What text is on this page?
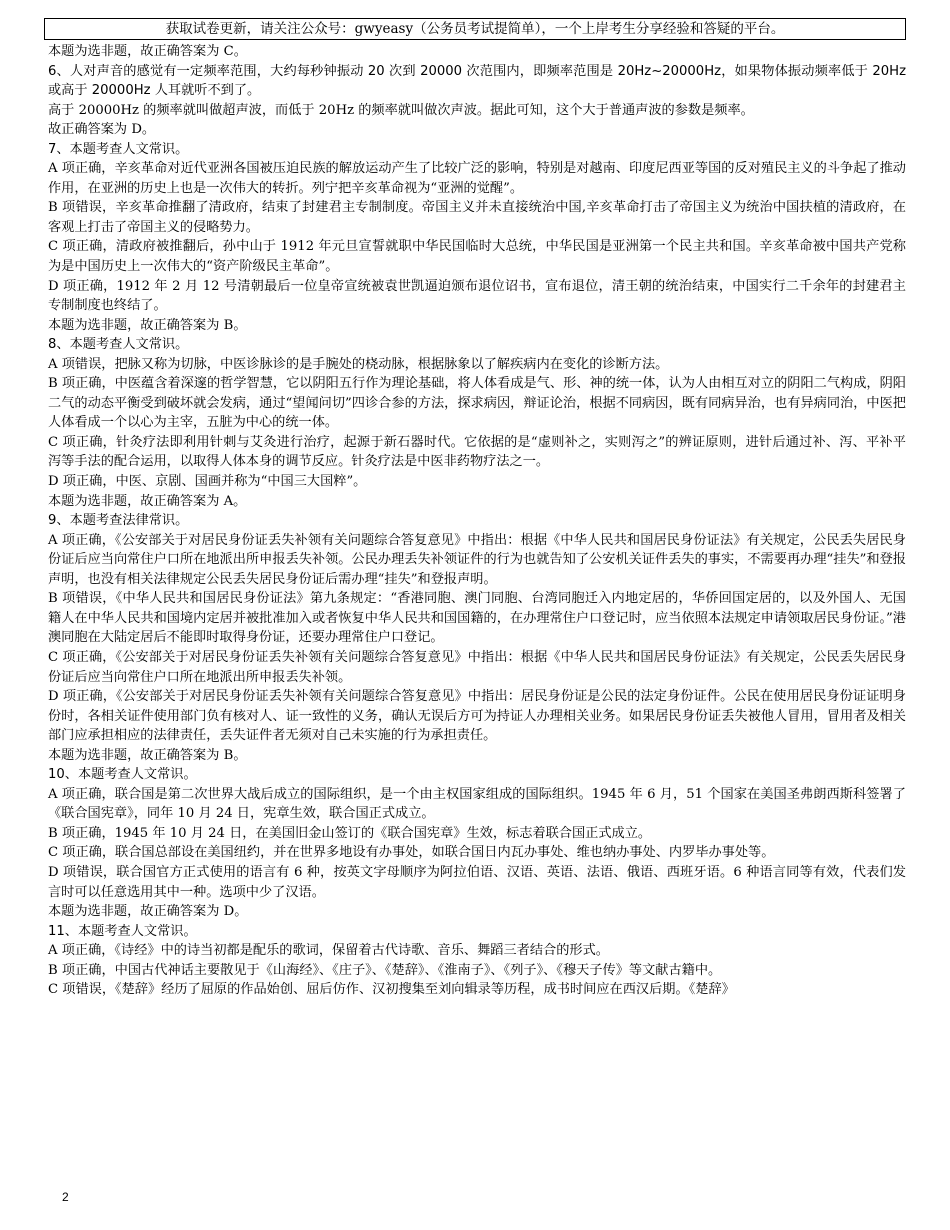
获取试卷更新，请关注公众号：gwyeasy（公务员考试提简单），一个上岸考生分享经验和答疑的平台。

本题为选非题，故正确答案为 C。

6、人对声音的感觉有一定频率范围，大约每秒钟振动 20 次到 20000 次范围内，即频率范围是 20Hz~20000Hz，如果物体振动频率低于 20Hz 或高于 20000Hz 人耳就听不到了。

高于 20000Hz 的频率就叫做超声波，而低于 20Hz 的频率就叫做次声波。据此可知，这个大于普通声波的参数是频率。

故正确答案为 D。

7、本题考查人文常识。

A 项正确，辛亥革命对近代亚洲各国被压迫民族的解放运动产生了比较广泛的影响，特别是对越南、印度尼西亚等国的反对殖民主义的斗争起了推动作用，在亚洲的历史上也是一次伟大的转折。列宁把辛亥革命视为“亚洲的觉醒”。

B 项错误，辛亥革命推翻了清政府，结束了封建君主专制制度。帝国主义并未直接统治中国,辛亥革命打击了帝国主义为统治中国扶植的清政府，在客观上打击了帝国主义的侵略势力。

C 项正确，清政府被推翻后，孙中山于 1912 年元旦宣誓就职中华民国临时大总统，中华民国是亚洲第一个民主共和国。辛亥革命被中国共产党称为是中国历史上一次伟大的“资产阶级民主革命”。

D 项正确，1912 年 2 月 12 号清朝最后一位皇帝宣统被袁世凯逼迫颁布退位诏书，宣布退位，清王朝的统治结束，中国实行二千余年的封建君主专制制度也终结了。

本题为选非题，故正确答案为 B。

8、本题考查人文常识。

A 项错误，把脉又称为切脉，中医诊脉诊的是手腕处的桡动脉，根据脉象以了解疾病内在变化的诊断方法。

B 项正确，中医蕴含着深邃的哲学智慧，它以阴阳五行作为理论基础，将人体看成是气、形、神的统一体，认为人由相互对立的阴阳二气构成，阴阳二气的动态平衡受到破坏就会发病，通过“望闻问切”四诊合参的方法，探求病因，辩证论治，根据不同病因，既有同病异治，也有异病同治，中医把人体看成一个以心为主宰，五脏为中心的统一体。

C 项正确，针灸疗法即利用针刺与艾灸进行治疗，起源于新石器时代。它依据的是“虚则补之，实则泻之”的辨证原则，进针后通过补、泻、平补平泻等手法的配合运用，以取得人体本身的调节反应。针灸疗法是中医非药物疗法之一。

D 项正确，中医、京剧、国画并称为“中国三大国粹”。

本题为选非题，故正确答案为 A。

9、本题考查法律常识。

A 项正确，《公安部关于对居民身份证丢失补领有关问题综合答复意见》中指出：根据《中华人民共和国居民身份证法》有关规定，公民丢失居民身份证后应当向常住户口所在地派出所申报丢失补领。公民办理丢失补领证件的行为也就告知了公安机关证件丢失的事实，不需要再办理“挂失”和登报声明，也没有相关法律规定公民丢失居民身份证后需办理“挂失”和登报声明。

B 项错误，《中华人民共和国居民身份证法》第九条规定：“香港同胞、澳门同胞、台湾同胞迁入内地定居的，华侨回国定居的，以及外国人、无国籍人在中华人民共和国境内定居并被批准加入或者恢复中华人民共和国国籍的，在办理常住户口登记时，应当依照本法规定申请领取居民身份证。”港澳同胞在大陆定居后不能即时取得身份证，还要办理常住户口登记。

C 项正确，《公安部关于对居民身份证丢失补领有关问题综合答复意见》中指出：根据《中华人民共和国居民身份证法》有关规定，公民丢失居民身份证后应当向常住户口所在地派出所申报丢失补领。

D 项正确，《公安部关于对居民身份证丢失补领有关问题综合答复意见》中指出：居民身份证是公民的法定身份证件。公民在使用居民身份证证明身份时，各相关证件使用部门负有核对人、证一致性的义务，确认无误后方可为持证人办理相关业务。如果居民身份证丢失被他人冒用，冒用者及相关部门应承担相应的法律责任，丢失证件者无须对自己未实施的行为承担责任。

本题为选非题，故正确答案为 B。

10、本题考查人文常识。

A 项正确，联合国是第二次世界大战后成立的国际组织，是一个由主权国家组成的国际组织。1945 年 6 月，51 个国家在美国圣弗朗西斯科签署了《联合国宪章》，同年 10 月 24 日，宪章生效，联合国正式成立。

B 项正确，1945 年 10 月 24 日，在美国旧金山签订的《联合国宪章》生效，标志着联合国正式成立。

C 项正确，联合国总部设在美国纽约，并在世界多地设有办事处，如联合国日内瓦办事处、维也纳办事处、内罗毕办事处等。

D 项错误，联合国官方正式使用的语言有 6 种，按英文字母顺序为阿拉伯语、汉语、英语、法语、俄语、西班牙语。6 种语言同等有效，代表们发言时可以任意选用其中一种。选项中少了汉语。

本题为选非题，故正确答案为 D。

11、本题考查人文常识。

A 项正确，《诗经》中的诗当初都是配乐的歌词，保留着古代诗歌、音乐、舞蹈三者结合的形式。

B 项正确，中国古代神话主要散见于《山海经》、《庄子》、《楚辞》、《淮南子》、《列子》、《穆天子传》等文献古籍中。

C 项错误，《楚辞》经历了屈原的作品始创、屈后仿作、汉初搜集至刘向辑录等历程，成书时间应在西汉后期。《楚辞》

2
